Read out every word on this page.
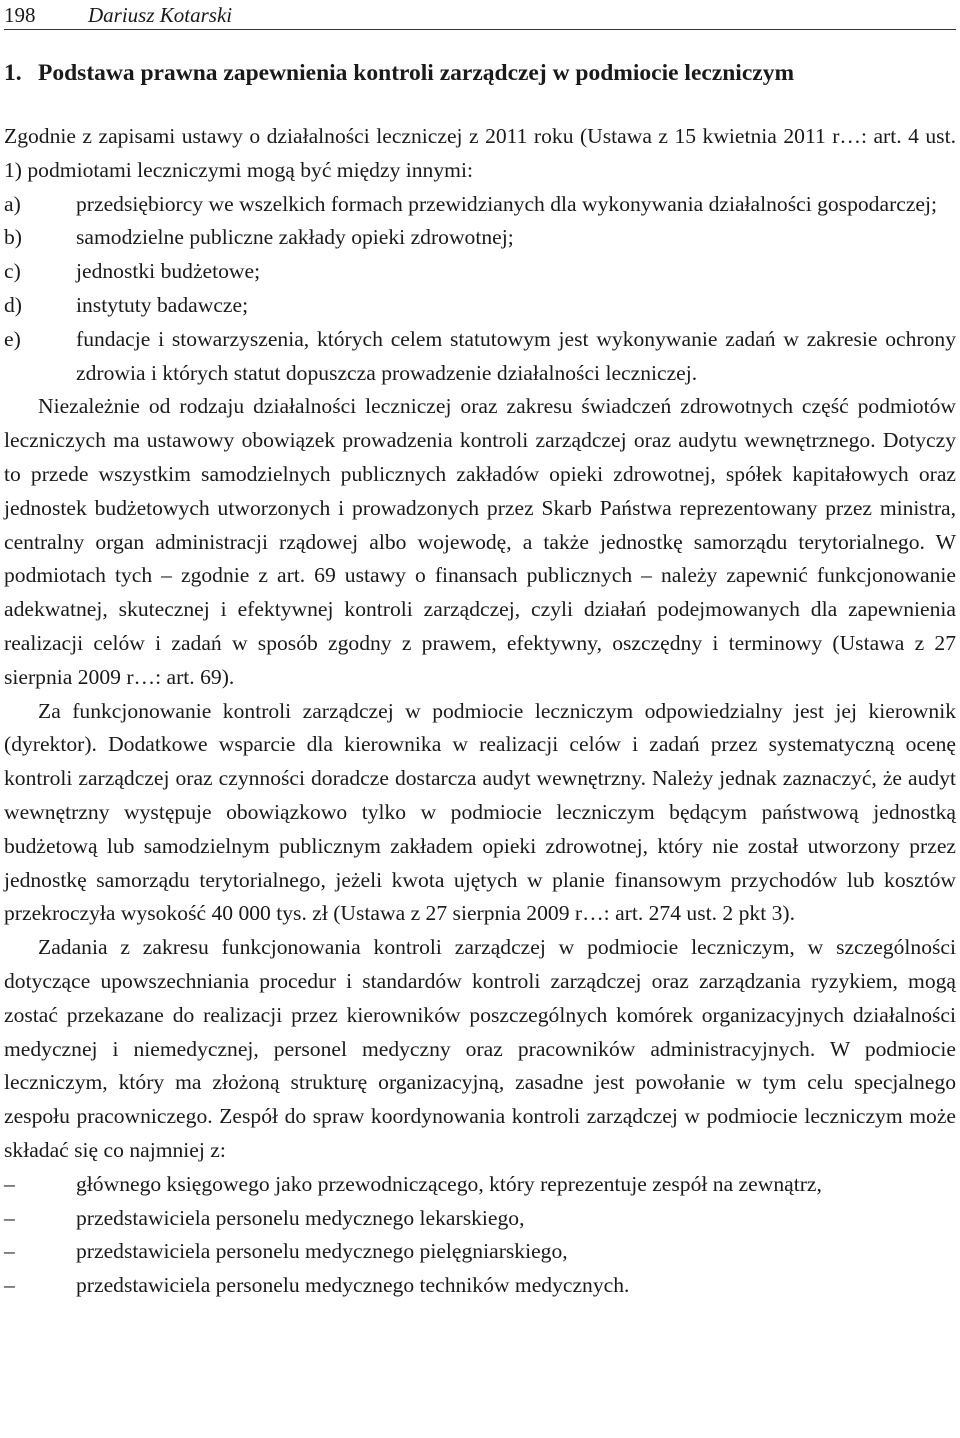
198	Dariusz Kotarski
1. Podstawa prawna zapewnienia kontroli zarządczej w podmiocie leczniczym

Zgodnie z zapisami ustawy o działalności leczniczej z 2011 roku (Ustawa z 15 kwietnia 2011 r…: art. 4 ust. 1) podmiotami leczniczymi mogą być między innymi:

a)	przedsiębiorcy we wszelkich formach przewidzianych dla wykonywania działalności gospodarczej;
b)	samodzielne publiczne zakłady opieki zdrowotnej;
c)	jednostki budżetowe;
d)	instytuty badawcze;
e)	fundacje i stowarzyszenia, których celem statutowym jest wykonywanie zadań w zakresie ochrony zdrowia i których statut dopuszcza prowadzenie działalności leczniczej.

Niezależnie od rodzaju działalności leczniczej oraz zakresu świadczeń zdrowotnych część podmiotów leczniczych ma ustawowy obowiązek prowadzenia kontroli zarządczej oraz audytu wewnętrznego. Dotyczy to przede wszystkim samodzielnych publicznych zakładów opieki zdrowotnej, spółek kapitałowych oraz jednostek budżetowych utworzonych i prowadzonych przez Skarb Państwa reprezentowany przez ministra, centralny organ administracji rządowej albo wojewodę, a także jednostkę samorządu terytorialnego. W podmiotach tych – zgodnie z art. 69 ustawy o finansach publicznych – należy zapewnić funkcjonowanie adekwatnej, skutecznej i efektywnej kontroli zarządczej, czyli działań podejmowanych dla zapewnienia realizacji celów i zadań w sposób zgodny z prawem, efektywny, oszczędny i terminowy (Ustawa z 27 sierpnia 2009 r…: art. 69).

Za funkcjonowanie kontroli zarządczej w podmiocie leczniczym odpowiedzialny jest jej kierownik (dyrektor). Dodatkowe wsparcie dla kierownika w realizacji celów i zadań przez systematyczną ocenę kontroli zarządczej oraz czynności doradcze dostarcza audyt wewnętrzny. Należy jednak zaznaczyć, że audyt wewnętrzny występuje obowiązkowo tylko w podmiocie leczniczym będącym państwową jednostką budżetową lub samodzielnym publicznym zakładem opieki zdrowotnej, który nie został utworzony przez jednostkę samorządu terytorialnego, jeżeli kwota ujętych w planie finansowym przychodów lub kosztów przekroczyła wysokość 40 000 tys. zł (Ustawa z 27 sierpnia 2009 r…: art. 274 ust. 2 pkt 3).

Zadania z zakresu funkcjonowania kontroli zarządczej w podmiocie leczniczym, w szczególności dotyczące upowszechniania procedur i standardów kontroli zarządczej oraz zarządzania ryzykiem, mogą zostać przekazane do realizacji przez kierowników poszczególnych komórek organizacyjnych działalności medycznej i niemedycznej, personel medyczny oraz pracowników administracyjnych. W podmiocie leczniczym, który ma złożoną strukturę organizacyjną, zasadne jest powołanie w tym celu specjalnego zespołu pracowniczego. Zespół do spraw koordynowania kontroli zarządczej w podmiocie leczniczym może składać się co najmniej z:

–	głównego księgowego jako przewodniczącego, który reprezentuje zespół na zewnątrz,
–	przedstawiciela personelu medycznego lekarskiego,
–	przedstawiciela personelu medycznego pielęgniarskiego,
–	przedstawiciela personelu medycznego techników medycznych.
